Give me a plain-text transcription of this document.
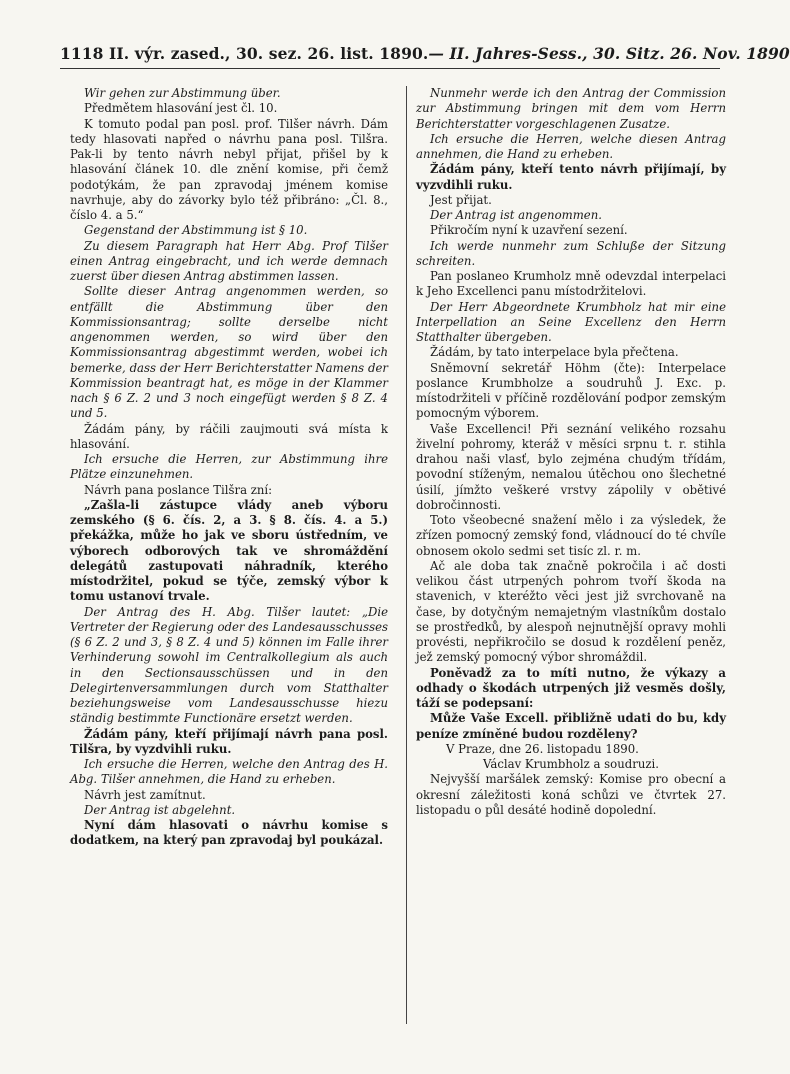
1118 II. výr. zased., 30. sez. 26. list. 1890. — II. Jahres-Sess., 30. Sitz. 26. Nov. 1890

Wir gehen zur Abstimmung über.

Předmětem hlasování jest čl. 10.

K tomuto podal pan posl. prof. Tilšer návrh. Dám tedy hlasovati napřed o návrhu pana posl. Tilšra. Pak-li by tento návrh nebyl přijat, přišel by k hlasování článek 10. dle znění komise, při čemž podotýkám, že pan zpravodaj jménem komise navrhuje, aby do závorky bylo též přibráno: „Čl. 8., číslo 4. a 5.“

Gegenstand der Abstimmung ist § 10.

Zu diesem Paragraph hat Herr Abg. Prof Tilšer einen Antrag eingebracht, und ich werde demnach zuerst über diesen Antrag abstimmen lassen.

Sollte dieser Antrag angenommen werden, so entfällt die Abstimmung über den Kommissionsantrag; sollte derselbe nicht angenommen werden, so wird über den Kommissionsantrag abgestimmt werden, wobei ich bemerke, dass der Herr Berichterstatter Namens der Kommission beantragt hat, es möge in der Klammer nach § 6 Z. 2 und 3 noch eingefügt werden § 8 Z. 4 und 5.

Žádám pány, by ráčili zaujmouti svá místa k hlasování.

Ich ersuche die Herren, zur Abstimmung ihre Plätze einzunehmen.

Návrh pana poslance Tilšra zní:

„Zašla-li zástupce vlády aneb výboru zemského (§ 6. čís. 2, a 3. § 8. čís. 4. a 5.) překážka, může ho jak ve sboru ústředním, ve výborech odborových tak ve shromáždění delegátů zastupovati náhradník, kterého místodržitel, pokud se týče, zemský výbor k tomu ustanoví trvale.

Der Antrag des H. Abg. Tilšer lautet: „Die Vertreter der Regierung oder des Landesausschusses (§ 6 Z. 2 und 3, § 8 Z. 4 und 5) können im Falle ihrer Verhinderung sowohl im Centralkollegium als auch in den Sectionsausschüssen und in den Delegirtenversammlungen durch vom Statthalter beziehungsweise vom Landesausschusse hiezu ständig bestimmte Functionäre ersetzt werden.

Žádám pány, kteří přijímají návrh pana posl. Tilšra, by vyzdvihli ruku.

Ich ersuche die Herren, welche den Antrag des H. Abg. Tilšer annehmen, die Hand zu erheben.

Návrh jest zamítnut.

Der Antrag ist abgelehnt.

Nyní dám hlasovati o návrhu komise s dodatkem, na který pan zpravodaj byl poukázal.

Nunmehr werde ich den Antrag der Commission zur Abstimmung bringen mit dem vom Herrn Berichterstatter vorgeschlagenen Zusatze.

Ich ersuche die Herren, welche diesen Antrag annehmen, die Hand zu erheben.

Žádám pány, kteří tento návrh přijímají, by vyzvdihli ruku.

Jest přijat.

Der Antrag ist angenommen.

Přikročím nyní k uzavření sezení.

Ich werde nunmehr zum Schluße der Sitzung schreiten.

Pan poslaneo Krumholz mně odevzdal interpelaci k Jeho Excellenci panu místodržitelovi.

Der Herr Abgeordnete Krumbholz hat mir eine Interpellation an Seine Excellenz den Herrn Statthalter übergeben.

Žádám, by tato interpelace byla přečtena.

Sněmovní sekretář Höhm (čte): Interpelace poslance Krumbholze a soudruhů J. Exc. p. místodržiteli v příčině rozdělování podpor zemským pomocným výborem.

Vaše Excellenci! Při seznání velikého rozsahu živelní pohromy, kteráž v měsíci srpnu t. r. stihla drahou naši vlasť, bylo zejména chudým třídám, povodní stíženým, nemalou útěchou ono šlechetné úsilí, jímžto veškeré vrstvy zápolily v obětivé dobročinnosti.

Toto všeobecné snažení mělo i za výsledek, že zřízen pomocný zemský fond, vládnoucí do té chvíle obnosem okolo sedmi set tisíc zl. r. m.

Ač ale doba tak značně pokročila i ač dosti velikou část utrpených pohrom tvoří škoda na stavenich, v kteréžto věci jest již svrchovaně na čase, by dotyčným nemajetným vlastníkům dostalo se prostředků, by alespoň nejnutnější opravy mohli provésti, nepřikročilo se dosud k rozdělení peněz, jež zemský pomocný výbor shromáždil.

Poněvadž za to míti nutno, že výkazy a odhady o škodách utrpených již vesměs došly, táží se podepsaní:

Může Vaše Excell. přibližně udati do bu, kdy peníze zmíněné budou rozděleny?

V Praze, dne 26. listopadu 1890.

Václav Krumbholz a soudruzi.

Nejvyšší maršálek zemský: Komise pro obecní a okresní záležitosti koná schůzi ve čtvrtek 27. listopadu o půl desáté hodině dopolední.
